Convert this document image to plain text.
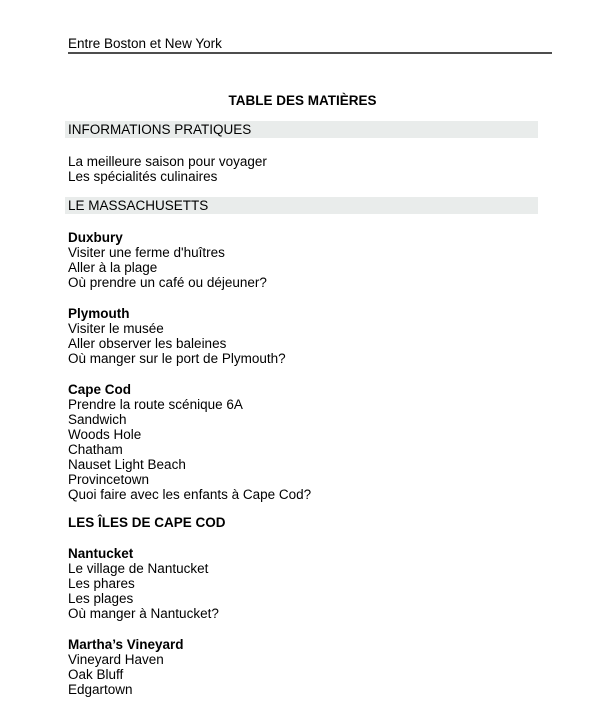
Entre Boston et New York
TABLE DES MATIÈRES
INFORMATIONS PRATIQUES
La meilleure saison pour voyager
Les spécialités culinaires
LE MASSACHUSETTS
Duxbury
Visiter une ferme d'huîtres
Aller à la plage
Où prendre un café ou déjeuner?
Plymouth
Visiter le musée
Aller observer les baleines
Où manger sur le port de Plymouth?
Cape Cod
Prendre la route scénique 6A
Sandwich
Woods Hole
Chatham
Nauset Light Beach
Provincetown
Quoi faire avec les enfants à Cape Cod?
LES ÎLES DE CAPE COD
Nantucket
Le village de Nantucket
Les phares
Les plages
Où manger à Nantucket?
Martha’s Vineyard
Vineyard Haven
Oak Bluff
Edgartown
